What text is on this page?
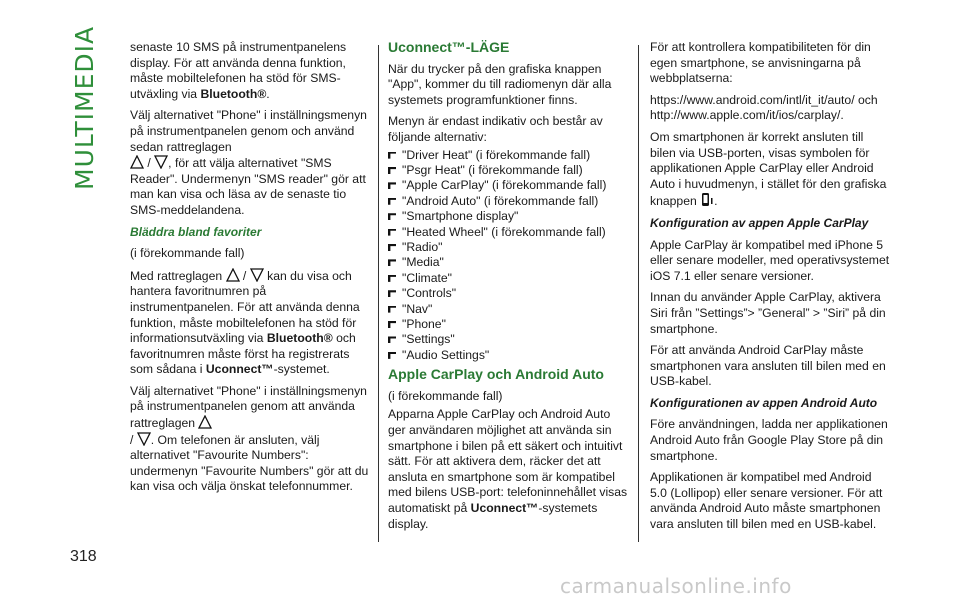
MULTIMEDIA
318

senaste 10 SMS på instrumentpanelens display. För att använda denna funktion, måste mobiltelefonen ha stöd för SMS-utväxling via Bluetooth®.

Välj alternativet "Phone" i inställningsmenyn på instrumentpanelen genom och använd sedan rattreglagen
/ , för att välja alternativet "SMS Reader". Undermenyn "SMS reader" gör att man kan visa och läsa av de senaste tio SMS-meddelandena.

Bläddra bland favoriter

(i förekommande fall)

Med rattreglagen / kan du visa och hantera favoritnumren på instrumentpanelen. För att använda denna funktion, måste mobiltelefonen ha stöd för informationsutväxling via Bluetooth® och favoritnumren måste först ha registrerats som sådana i Uconnect™-systemet.

Välj alternativet "Phone" i inställningsmenyn på instrumentpanelen genom att använda rattreglagen
/ . Om telefonen är ansluten, välj alternativet "Favourite Numbers": undermenyn "Favourite Numbers" gör att du kan visa och välja önskat telefonnummer.

Uconnect™-LÄGE

När du trycker på den grafiska knappen "App", kommer du till radiomenyn där alla systemets programfunktioner finns.

Menyn är endast indikativ och består av följande alternativ:

"Driver Heat" (i förekommande fall)
"Psgr Heat" (i förekommande fall)
"Apple CarPlay" (i förekommande fall)
"Android Auto" (i förekommande fall)
"Smartphone display"
"Heated Wheel" (i förekommande fall)
"Radio"
"Media"
"Climate"
"Controls"
"Nav"
"Phone"
"Settings"
"Audio Settings"

Apple CarPlay och Android Auto

(i förekommande fall)

Apparna Apple CarPlay och Android Auto ger användaren möjlighet att använda sin smartphone i bilen på ett säkert och intuitivt sätt. För att aktivera dem, räcker det att ansluta en smartphone som är kompatibel med bilens USB-port: telefoninnehållet visas automatiskt på Uconnect™-systemets display.

För att kontrollera kompatibiliteten för din egen smartphone, se anvisningarna på webbplatserna:

https://www.android.com/intl/it_it/auto/ och http://www.apple.com/it/ios/carplay/.

Om smartphonen är korrekt ansluten till bilen via USB-porten, visas symbolen för applikationen Apple CarPlay eller Android Auto i huvudmenyn, i stället för den grafiska knappen .

Konfiguration av appen Apple CarPlay

Apple CarPlay är kompatibel med iPhone 5 eller senare modeller, med operativsystemet iOS 7.1 eller senare versioner.

Innan du använder Apple CarPlay, aktivera Siri från ”Settings”> ”General” > ”Siri” på din smartphone.

För att använda Android CarPlay måste smartphonen vara ansluten till bilen med en USB-kabel.

Konfigurationen av appen Android Auto

Före användningen, ladda ner applikationen Android Auto från Google Play Store på din smartphone.

Applikationen är kompatibel med Android 5.0 (Lollipop) eller senare versioner. För att använda Android Auto måste smartphonen vara ansluten till bilen med en USB-kabel.

carmanualsonline.info
